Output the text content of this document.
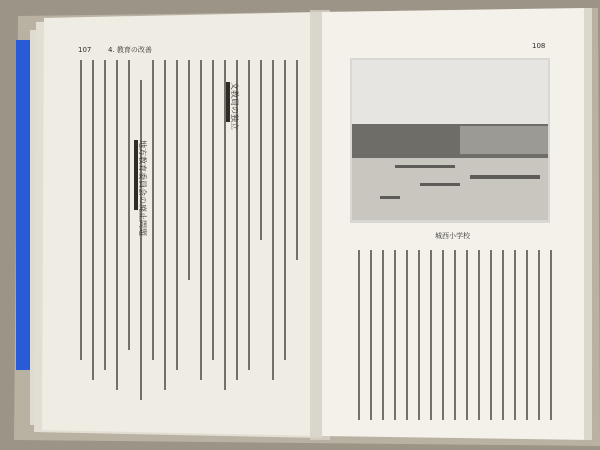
107 4. 教育の改善	108
城西小学校
文教局の独立
地方教育委員会の廃止問題
